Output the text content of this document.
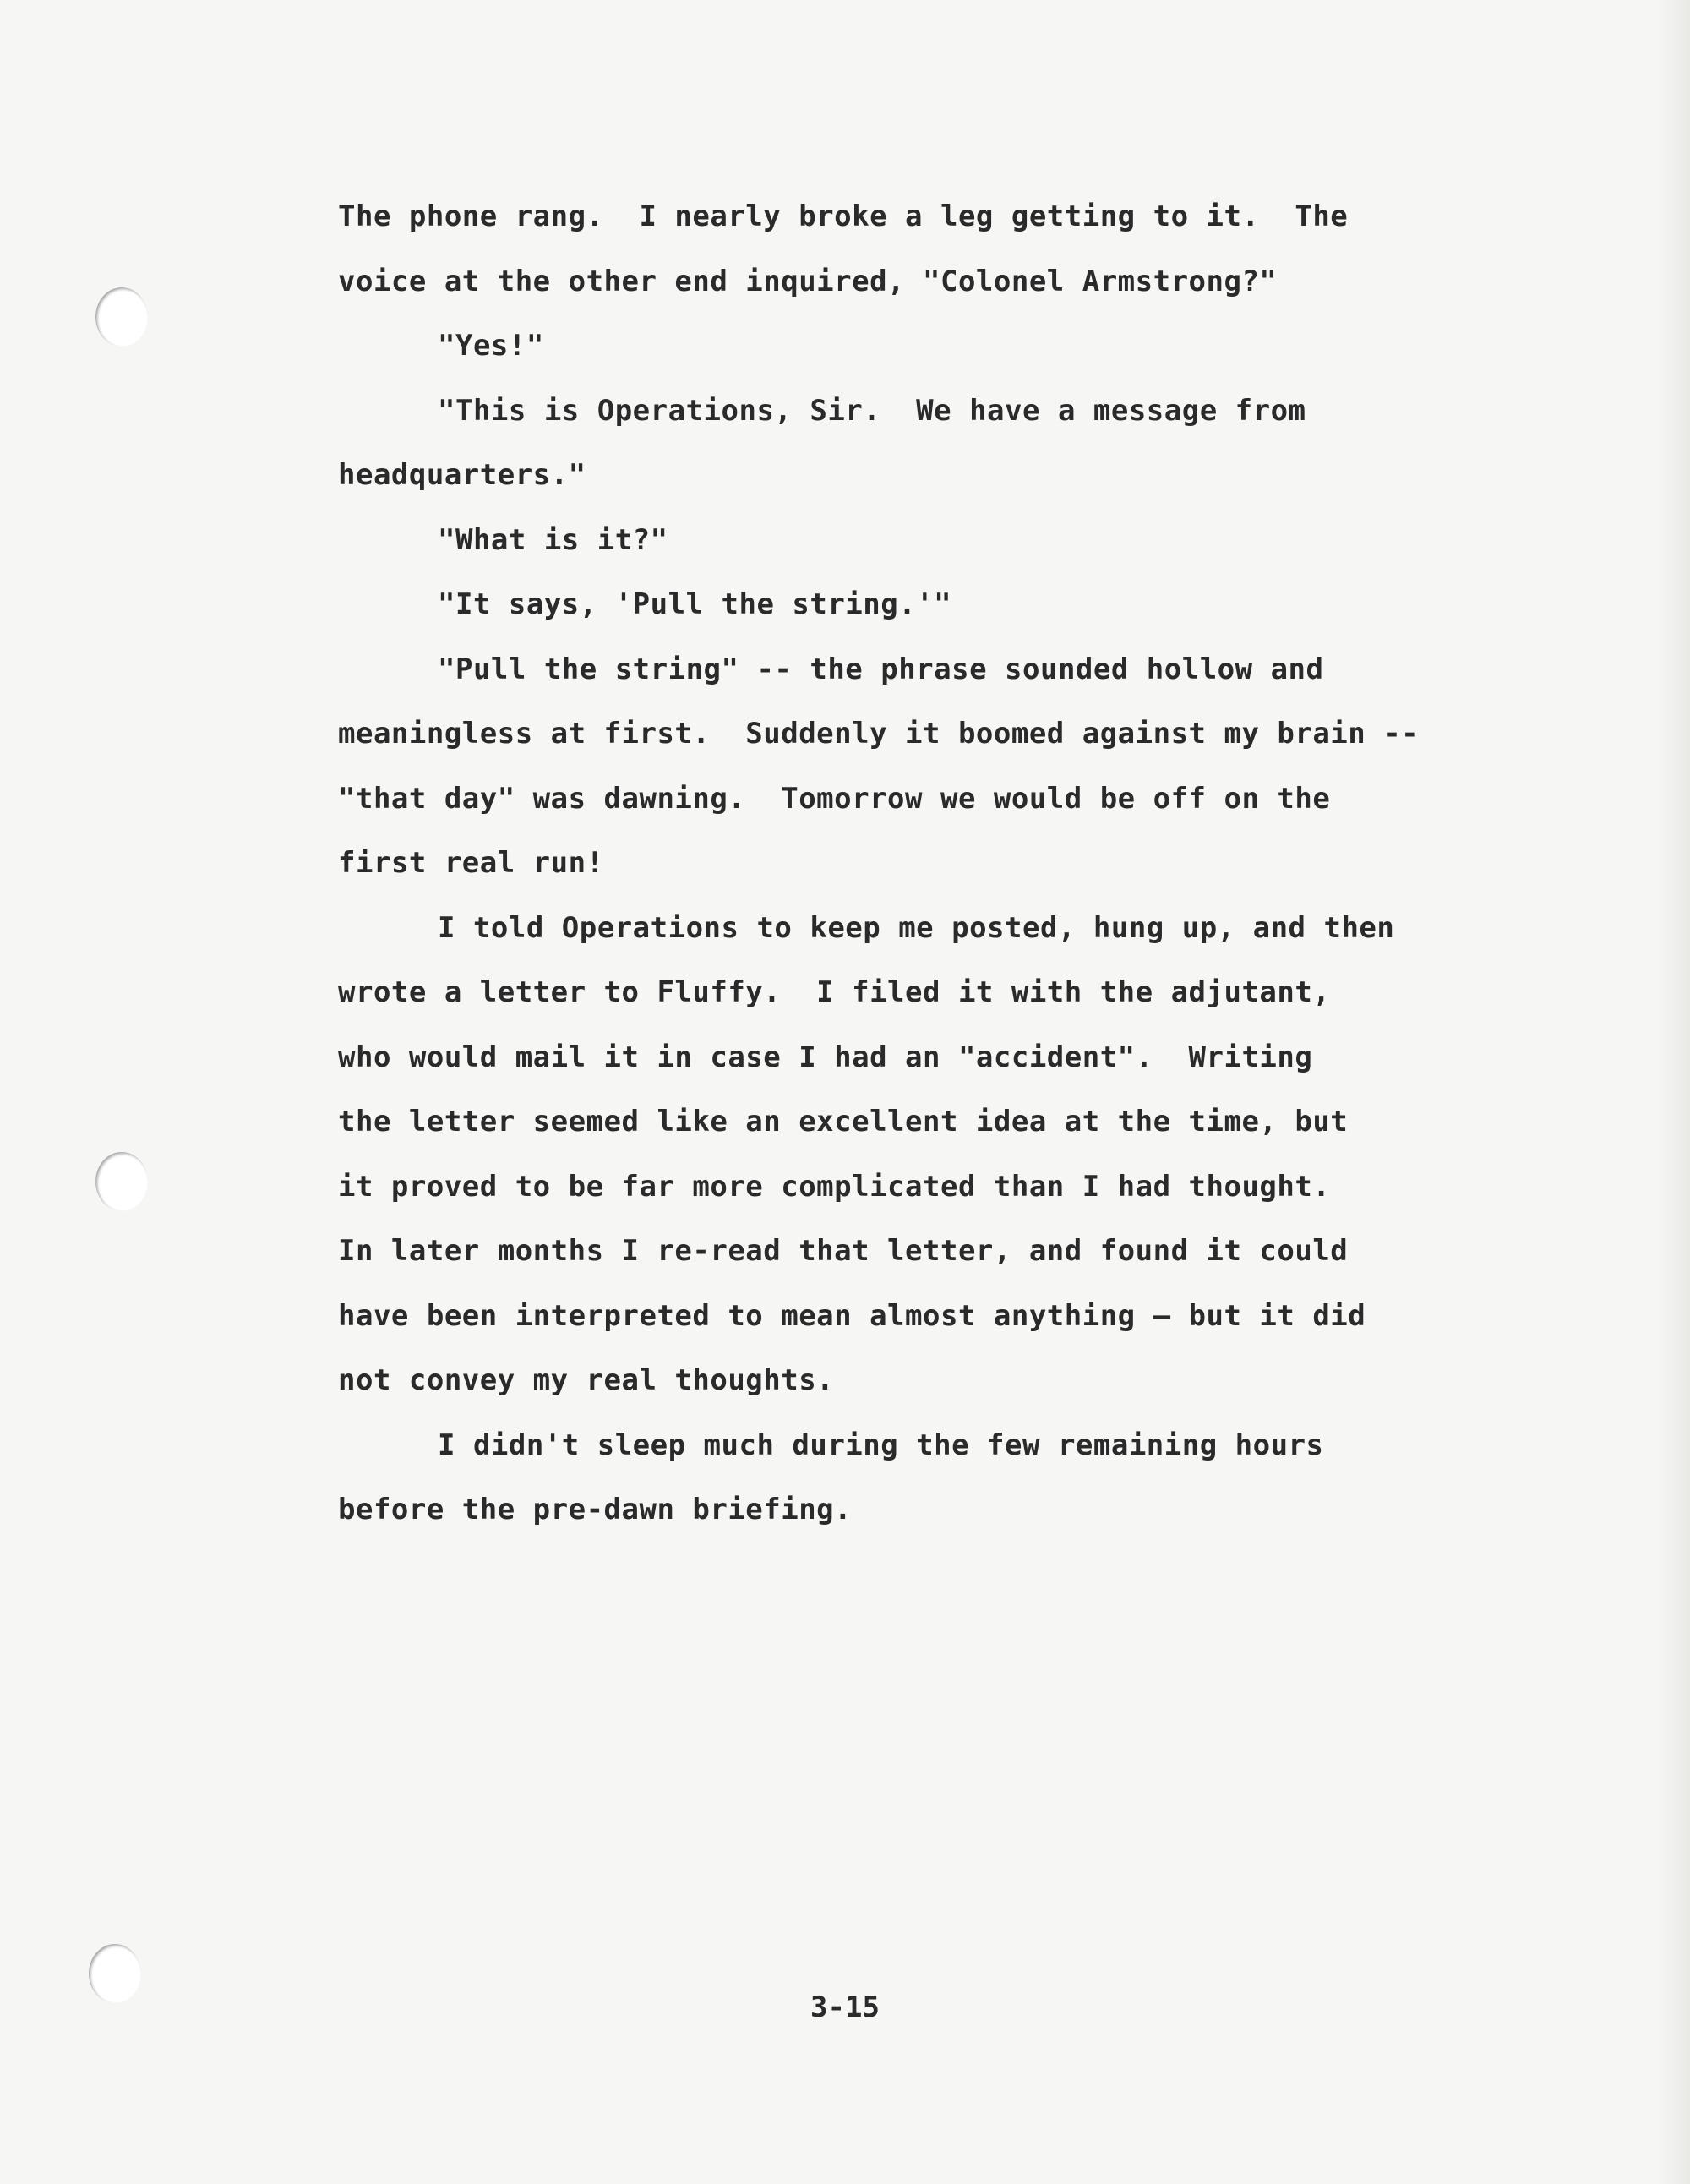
The phone rang.  I nearly broke a leg getting to it.  The
voice at the other end inquired, "Colonel Armstrong?"
"Yes!"
"This is Operations, Sir.  We have a message from
headquarters."
"What is it?"
"It says, 'Pull the string.'"
"Pull the string" -- the phrase sounded hollow and
meaningless at first.  Suddenly it boomed against my brain --
"that day" was dawning.  Tomorrow we would be off on the
first real run!
I told Operations to keep me posted, hung up, and then
wrote a letter to Fluffy.  I filed it with the adjutant,
who would mail it in case I had an "accident".  Writing
the letter seemed like an excellent idea at the time, but
it proved to be far more complicated than I had thought.
In later months I re-read that letter, and found it could
have been interpreted to mean almost anything — but it did
not convey my real thoughts.
I didn't sleep much during the few remaining hours
before the pre-dawn briefing.
3-15
